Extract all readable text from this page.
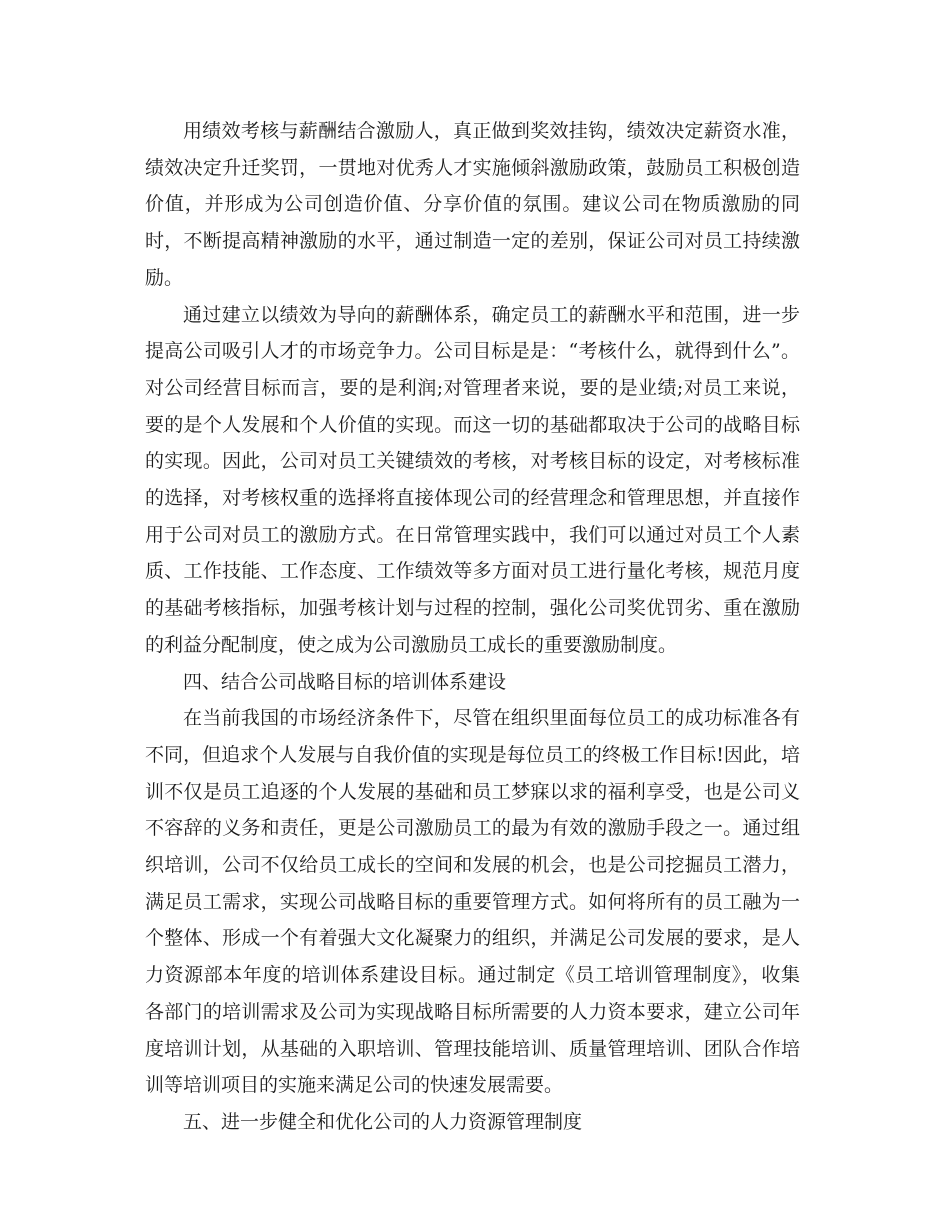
用绩效考核与薪酬结合激励人，真正做到奖效挂钩，绩效决定薪资水准，绩效决定升迁奖罚，一贯地对优秀人才实施倾斜激励政策，鼓励员工积极创造价值，并形成为公司创造价值、分享价值的氛围。建议公司在物质激励的同时，不断提高精神激励的水平，通过制造一定的差别，保证公司对员工持续激励。

通过建立以绩效为导向的薪酬体系，确定员工的薪酬水平和范围，进一步提高公司吸引人才的市场竞争力。公司目标是是：“考核什么，就得到什么”。对公司经营目标而言，要的是利润;对管理者来说，要的是业绩;对员工来说，要的是个人发展和个人价值的实现。而这一切的基础都取决于公司的战略目标的实现。因此，公司对员工关键绩效的考核，对考核目标的设定，对考核标准的选择，对考核权重的选择将直接体现公司的经营理念和管理思想，并直接作用于公司对员工的激励方式。在日常管理实践中，我们可以通过对员工个人素质、工作技能、工作态度、工作绩效等多方面对员工进行量化考核，规范月度的基础考核指标，加强考核计划与过程的控制，强化公司奖优罚劣、重在激励的利益分配制度，使之成为公司激励员工成长的重要激励制度。

四、结合公司战略目标的培训体系建设

在当前我国的市场经济条件下，尽管在组织里面每位员工的成功标准各有不同，但追求个人发展与自我价值的实现是每位员工的终极工作目标!因此，培训不仅是员工追逐的个人发展的基础和员工梦寐以求的福利享受，也是公司义不容辞的义务和责任，更是公司激励员工的最为有效的激励手段之一。通过组织培训，公司不仅给员工成长的空间和发展的机会，也是公司挖掘员工潜力，满足员工需求，实现公司战略目标的重要管理方式。如何将所有的员工融为一个整体、形成一个有着强大文化凝聚力的组织，并满足公司发展的要求，是人力资源部本年度的培训体系建设目标。通过制定《员工培训管理制度》，收集各部门的培训需求及公司为实现战略目标所需要的人力资本要求，建立公司年度培训计划，从基础的入职培训、管理技能培训、质量管理培训、团队合作培训等培训项目的实施来满足公司的快速发展需要。

五、进一步健全和优化公司的人力资源管理制度
